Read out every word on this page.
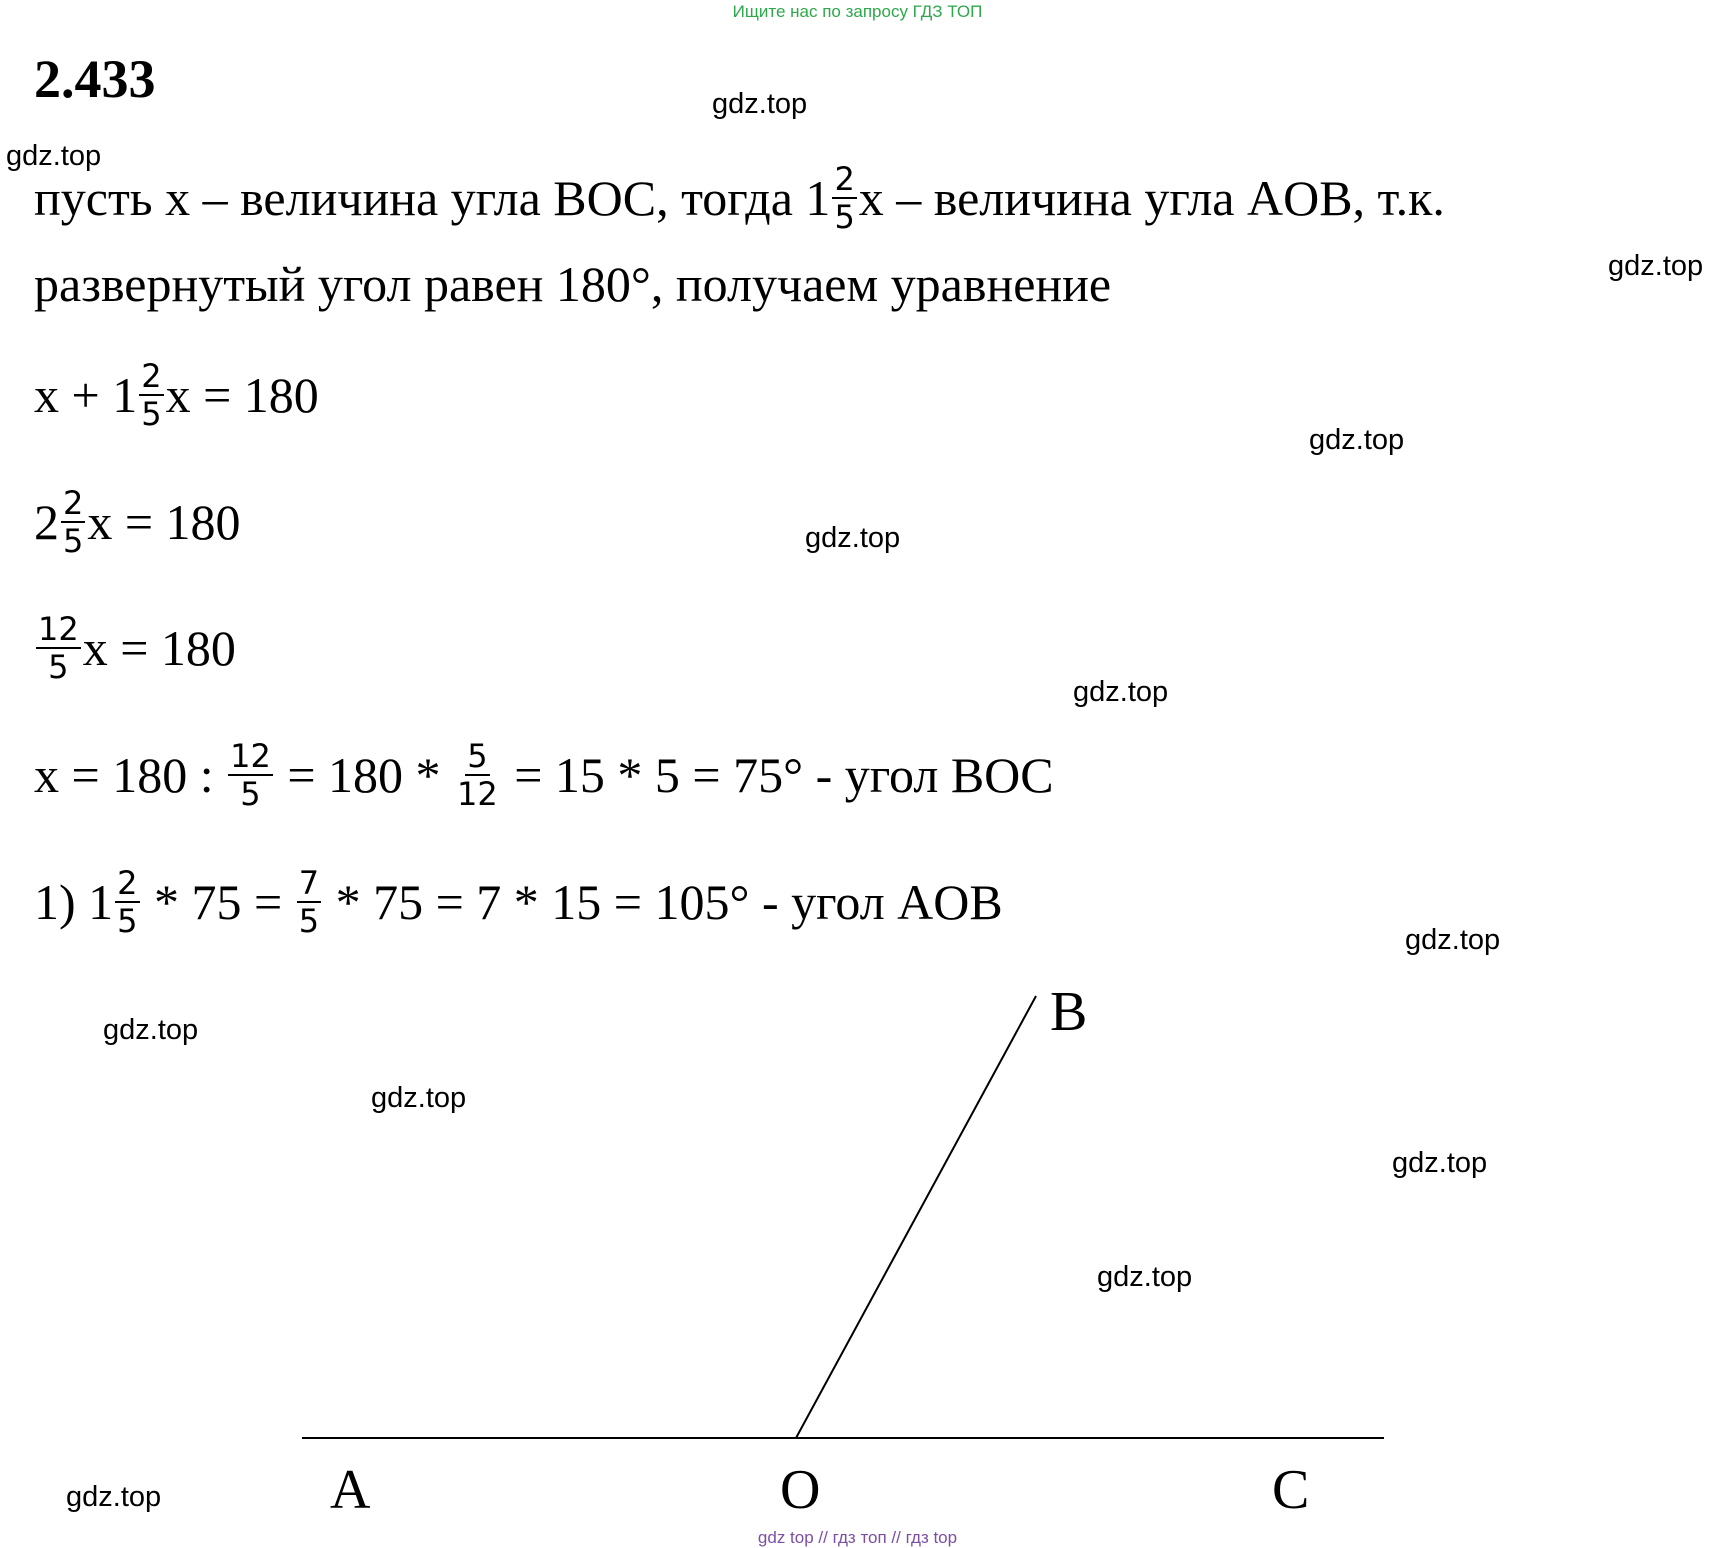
Ищите нас по запросу ГДЗ ТОП
gdz top // гдз топ // гдз top
2.433	gdz.top
gdz.top
gdz.top
gdz.top
gdz.top
gdz.top
gdz.top
gdz.top
gdz.top
gdz.top
gdz.top
gdz.top
пусть x – величина угла BOC, тогда $1 \frac{2}{5}$ x – величина угла AOB, т.к.
развернутый угол равен 180°, получаем уравнение
$x + 1 \frac{2}{5}$ x = 180
$2 \frac{2}{5}$ x = 180
$\frac{12}{5}$ x = 180
x = 180 : $\frac{12}{5} = 180 * \frac{5}{12} = 15 * 5 = 75^\circ$ - угол BOC
1) $1 \frac{2}{5} * 75 = \frac{7}{5} * 75 = 7 * 15 = 105^\circ$ - угол AOB
A	O	C
B
